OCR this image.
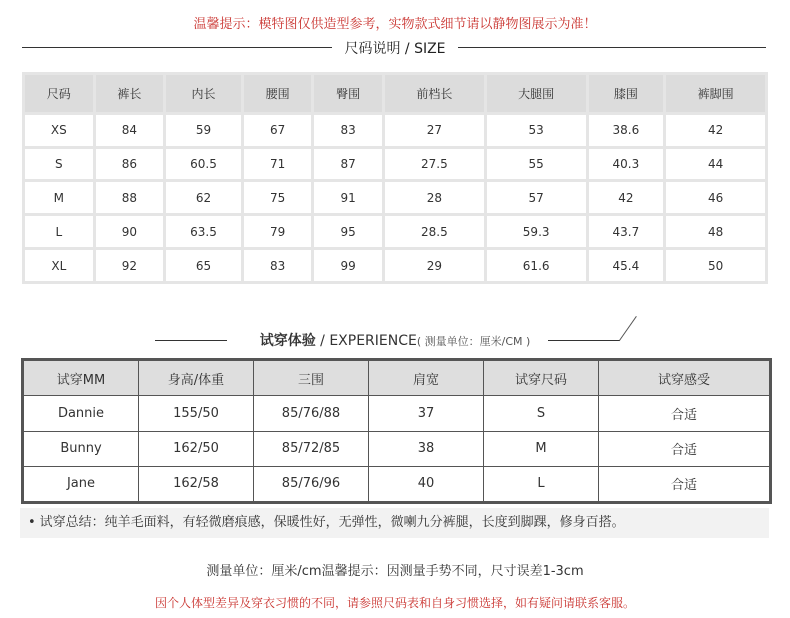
温馨提示：模特图仅供造型参考，实物款式细节请以静物图展示为准！
尺码说明 / SIZE
尺码	裤长	内长	腰围	臀围	前档长	大腿围	膝围	裤脚围
XS	84	59	67	83	27	53	38.6	42
S	86	60.5	71	87	27.5	55	40.3	44
M	88	62	75	91	28	57	42	46
L	90	63.5	79	95	28.5	59.3	43.7	48
XL	92	65	83	99	29	61.6	45.4	50
试穿体验 / EXPERIENCE( 测量单位：厘米/CM )
试穿MM	身高/体重	三围	肩宽	试穿尺码	试穿感受
Dannie	155/50	85/76/88	37	S	合适
Bunny	162/50	85/72/85	38	M	合适
Jane	162/58	85/76/96	40	L	合适
• 试穿总结：纯羊毛面料，有轻微磨痕感，保暖性好，无弹性，微喇九分裤腿，长度到脚踝，修身百搭。
测量单位：厘米/cm温馨提示：因测量手势不同，尺寸误差1-3cm
因个人体型差异及穿衣习惯的不同，请参照尺码表和自身习惯选择，如有疑问请联系客服。
